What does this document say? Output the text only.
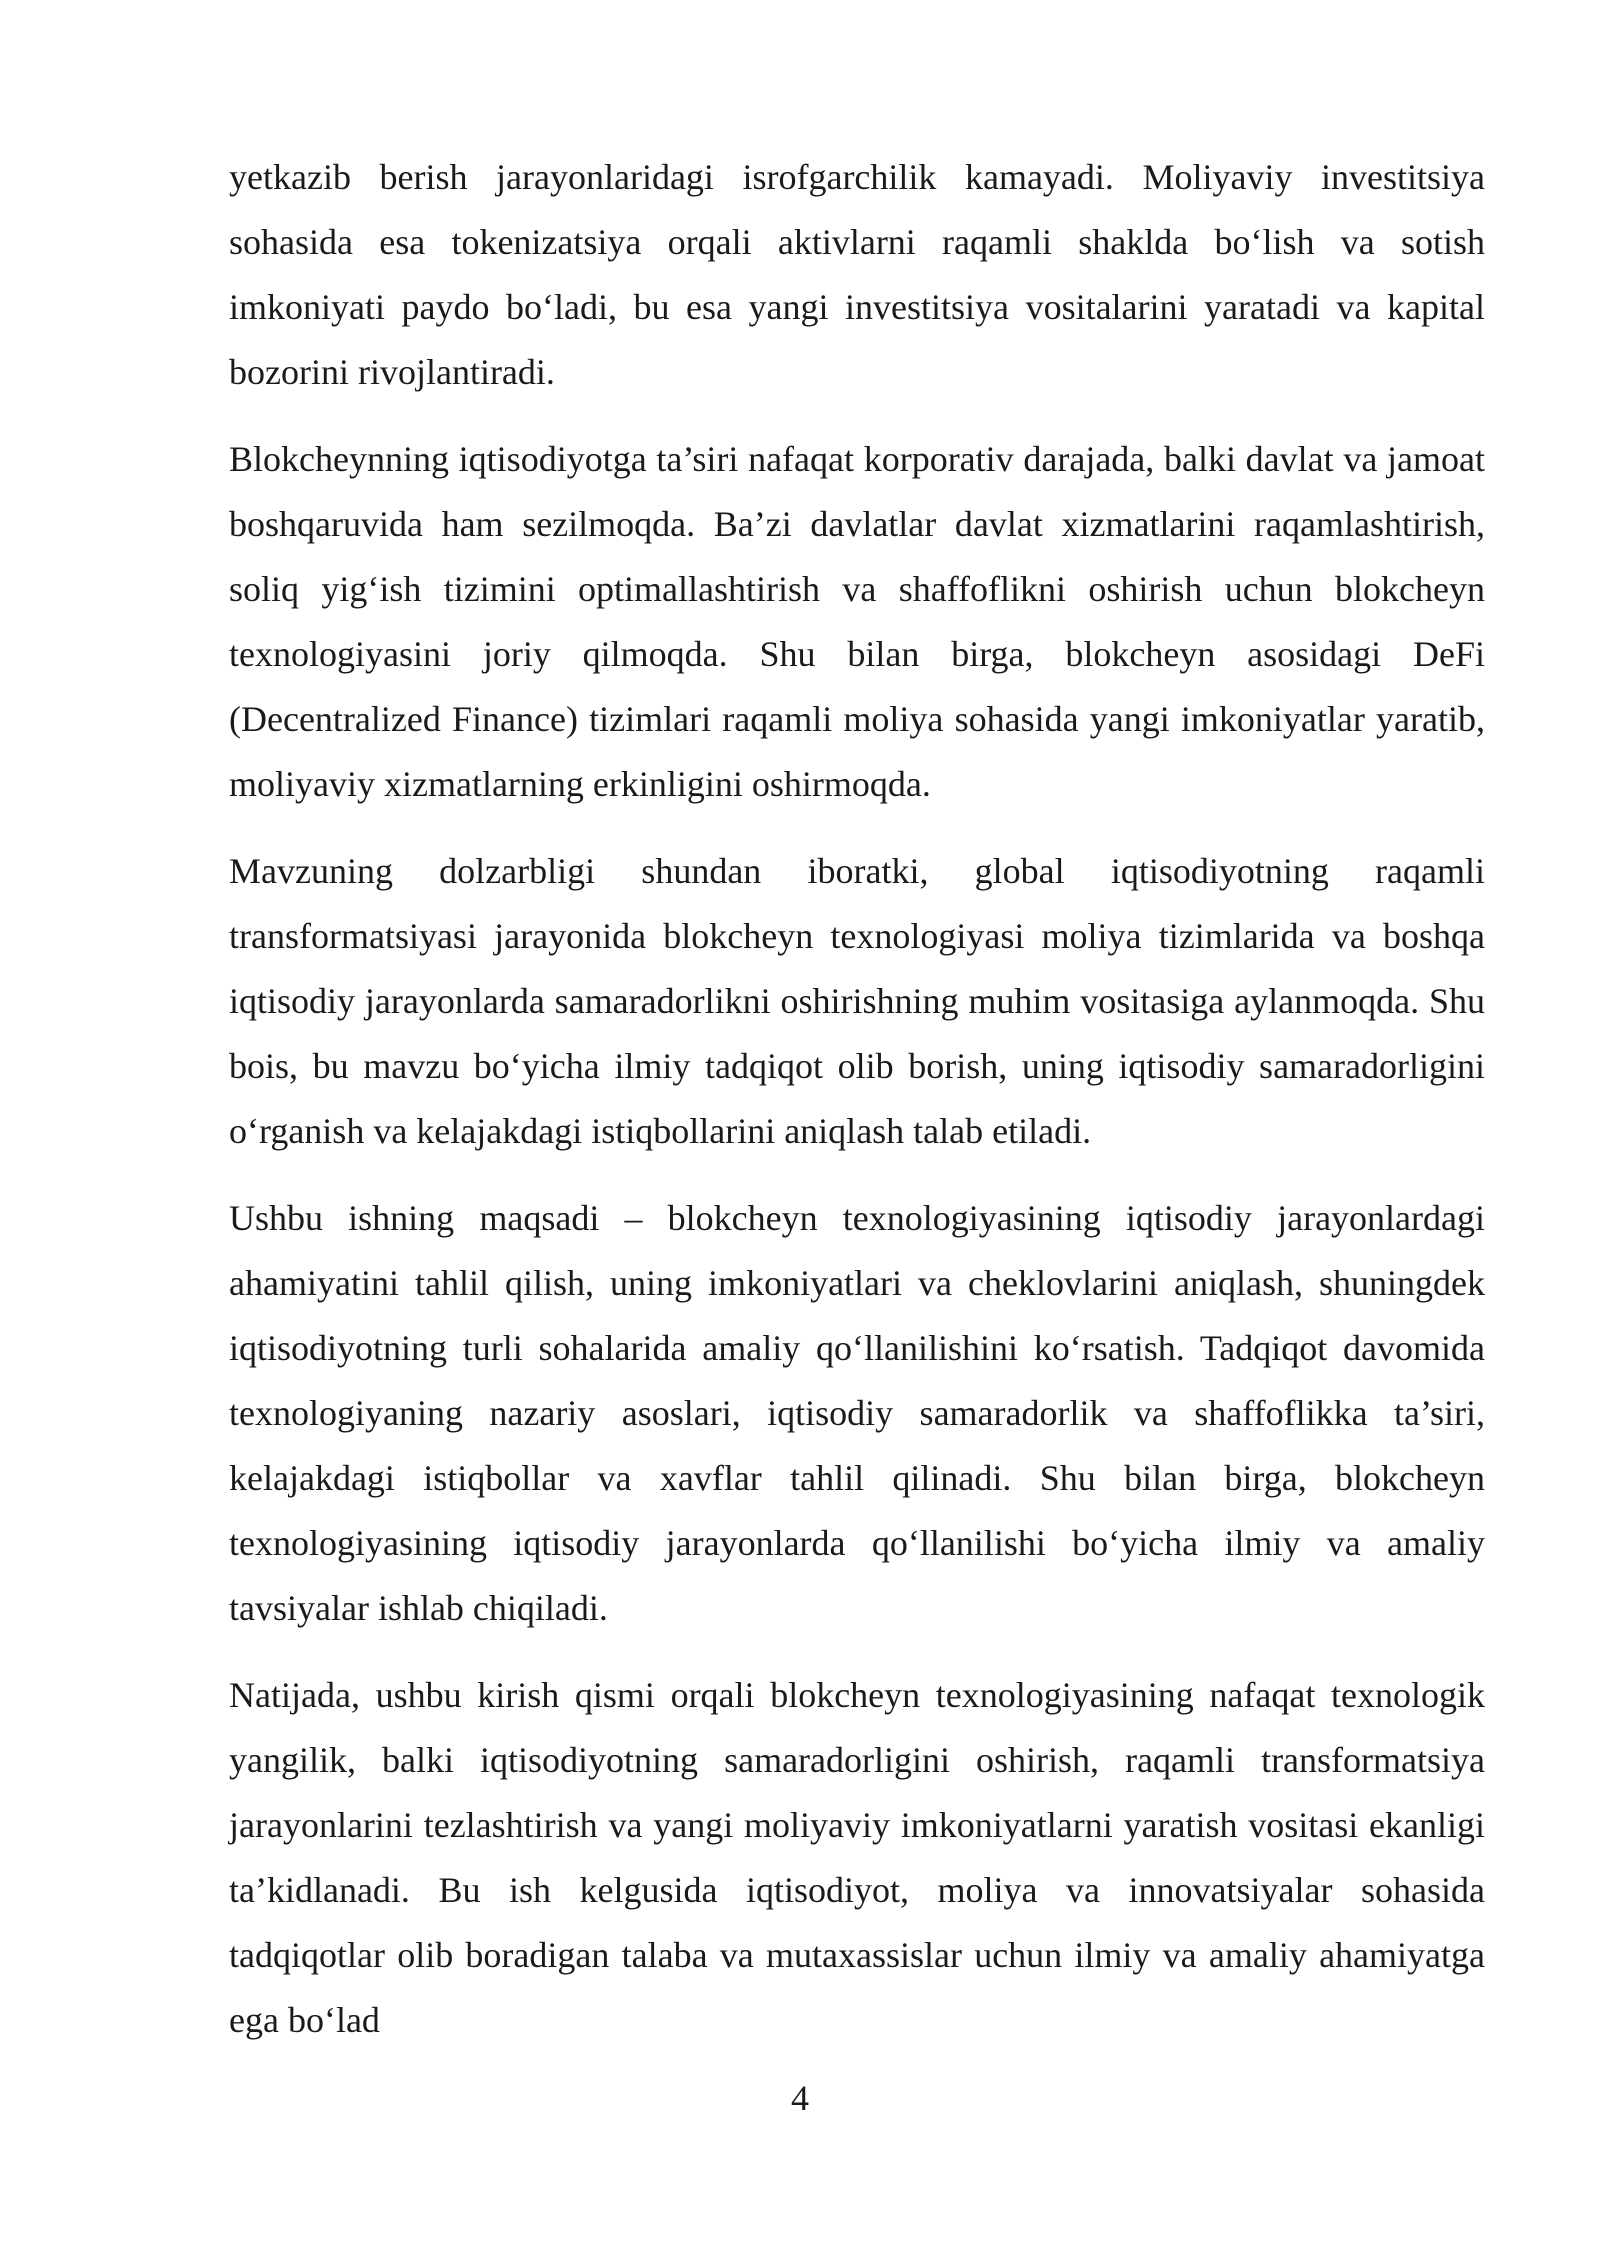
yetkazib berish jarayonlaridagi isrofgarchilik kamayadi. Moliyaviy investitsiya sohasida esa tokenizatsiya orqali aktivlarni raqamli shaklda bo‘lish va sotish imkoniyati paydo bo‘ladi, bu esa yangi investitsiya vositalarini yaratadi va kapital bozorini rivojlantiradi.

Blokcheynning iqtisodiyotga ta’siri nafaqat korporativ darajada, balki davlat va jamoat boshqaruvida ham sezilmoqda. Ba’zi davlatlar davlat xizmatlarini raqamlashtirish, soliq yig‘ish tizimini optimallashtirish va shaffoflikni oshirish uchun blokcheyn texnologiyasini joriy qilmoqda. Shu bilan birga, blokcheyn asosidagi DeFi (Decentralized Finance) tizimlari raqamli moliya sohasida yangi imkoniyatlar yaratib, moliyaviy xizmatlarning erkinligini oshirmoqda.

Mavzuning dolzarbligi shundan iboratki, global iqtisodiyotning raqamli transformatsiyasi jarayonida blokcheyn texnologiyasi moliya tizimlarida va boshqa iqtisodiy jarayonlarda samaradorlikni oshirishning muhim vositasiga aylanmoqda. Shu bois, bu mavzu bo‘yicha ilmiy tadqiqot olib borish, uning iqtisodiy samaradorligini o‘rganish va kelajakdagi istiqbollarini aniqlash talab etiladi.

Ushbu ishning maqsadi – blokcheyn texnologiyasining iqtisodiy jarayonlardagi ahamiyatini tahlil qilish, uning imkoniyatlari va cheklovlarini aniqlash, shuningdek iqtisodiyotning turli sohalarida amaliy qo‘llanilishini ko‘rsatish. Tadqiqot davomida texnologiyaning nazariy asoslari, iqtisodiy samaradorlik va shaffoflikka ta’siri, kelajakdagi istiqbollar va xavflar tahlil qilinadi. Shu bilan birga, blokcheyn texnologiyasining iqtisodiy jarayonlarda qo‘llanilishi bo‘yicha ilmiy va amaliy tavsiyalar ishlab chiqiladi.

Natijada, ushbu kirish qismi orqali blokcheyn texnologiyasining nafaqat texnologik yangilik, balki iqtisodiyotning samaradorligini oshirish, raqamli transformatsiya jarayonlarini tezlashtirish va yangi moliyaviy imkoniyatlarni yaratish vositasi ekanligi ta’kidlanadi. Bu ish kelgusida iqtisodiyot, moliya va innovatsiyalar sohasida tadqiqotlar olib boradigan talaba va mutaxassislar uchun ilmiy va amaliy ahamiyatga ega bo‘lad

4
